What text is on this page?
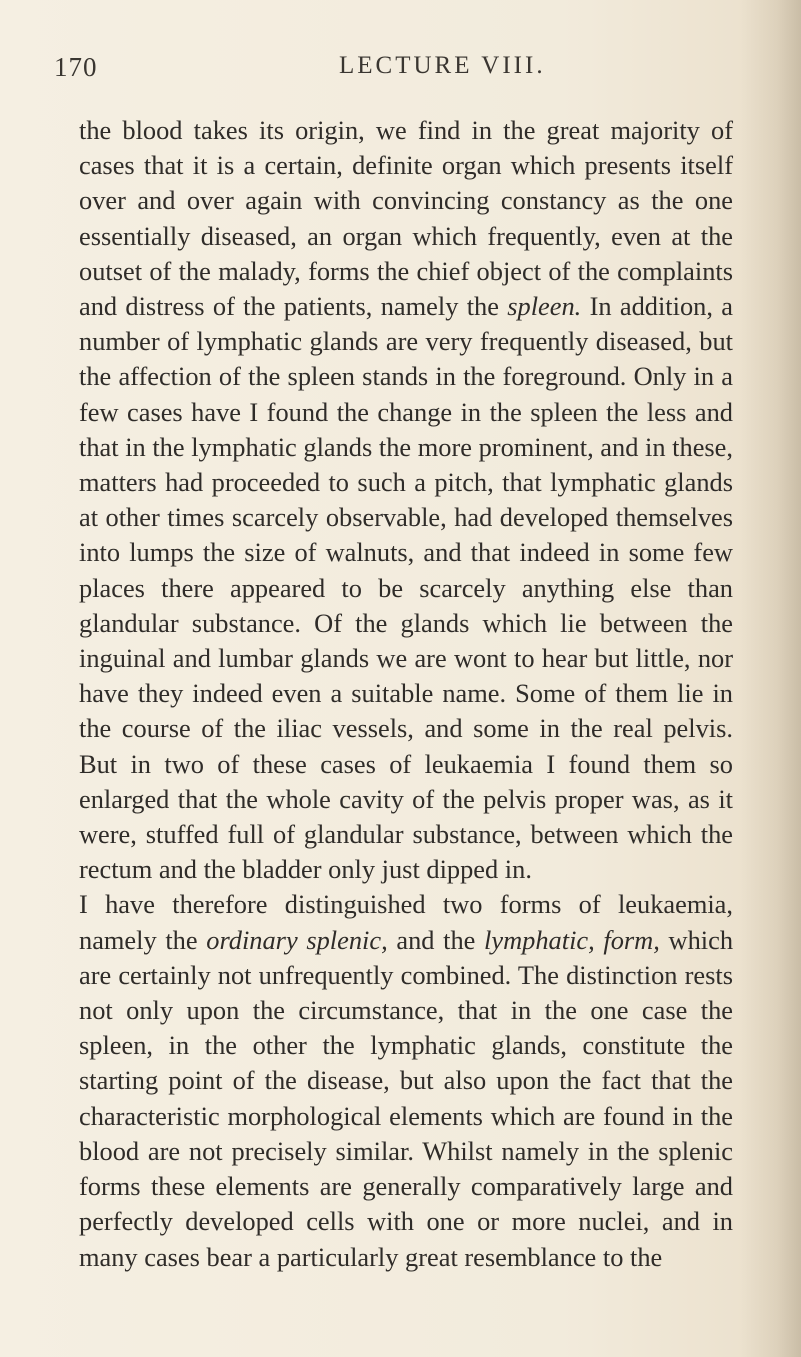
170	LECTURE VIII.

the blood takes its origin, we find in the great majority of cases that it is a certain, definite organ which presents itself over and over again with convincing constancy as the one essentially diseased, an organ which frequently, even at the outset of the malady, forms the chief object of the complaints and distress of the patients, namely the spleen. In addition, a number of lymphatic glands are very frequently diseased, but the affection of the spleen stands in the foreground. Only in a few cases have I found the change in the spleen the less and that in the lymphatic glands the more prominent, and in these, matters had proceeded to such a pitch, that lymphatic glands at other times scarcely observable, had developed themselves into lumps the size of walnuts, and that indeed in some few places there appeared to be scarcely anything else than glandular substance. Of the glands which lie between the inguinal and lumbar glands we are wont to hear but little, nor have they indeed even a suitable name. Some of them lie in the course of the iliac vessels, and some in the real pelvis. But in two of these cases of leukaemia I found them so enlarged that the whole cavity of the pelvis proper was, as it were, stuffed full of glandular substance, between which the rectum and the bladder only just dipped in.

I have therefore distinguished two forms of leukaemia, namely the ordinary splenic, and the lymphatic, form, which are certainly not unfrequently combined. The distinction rests not only upon the circumstance, that in the one case the spleen, in the other the lymphatic glands, constitute the starting point of the disease, but also upon the fact that the characteristic morphological elements which are found in the blood are not precisely similar. Whilst namely in the splenic forms these elements are generally comparatively large and perfectly developed cells with one or more nuclei, and in many cases bear a particularly great resemblance to the
